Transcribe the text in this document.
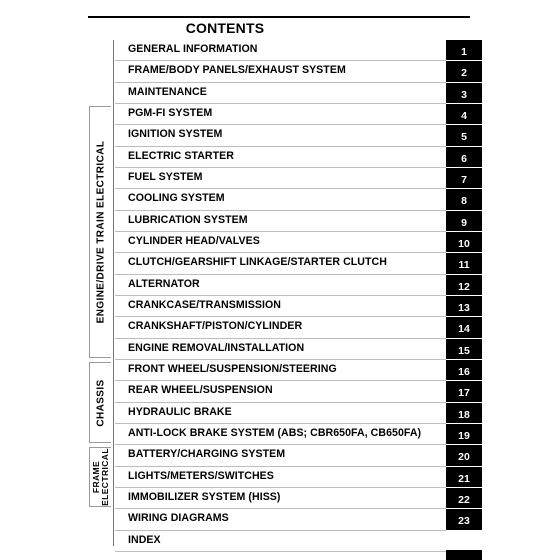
CONTENTS
GENERAL INFORMATION	1
FRAME/BODY PANELS/EXHAUST SYSTEM	2
MAINTENANCE	3
PGM-FI SYSTEM	4
IGNITION SYSTEM	5
ELECTRIC STARTER	6
FUEL SYSTEM	7
COOLING SYSTEM	8
LUBRICATION SYSTEM	9
CYLINDER HEAD/VALVES	10
CLUTCH/GEARSHIFT LINKAGE/STARTER CLUTCH	11
ALTERNATOR	12
CRANKCASE/TRANSMISSION	13
CRANKSHAFT/PISTON/CYLINDER	14
ENGINE REMOVAL/INSTALLATION	15
FRONT WHEEL/SUSPENSION/STEERING	16
REAR WHEEL/SUSPENSION	17
HYDRAULIC BRAKE	18
ANTI-LOCK BRAKE SYSTEM (ABS; CBR650FA, CB650FA)	19
BATTERY/CHARGING SYSTEM	20
LIGHTS/METERS/SWITCHES	21
IMMOBILIZER SYSTEM (HISS)	22
WIRING DIAGRAMS	23
INDEX
ENGINE/DRIVE TRAIN ELECTRICAL
CHASSIS
FRAME ELECTRICAL
